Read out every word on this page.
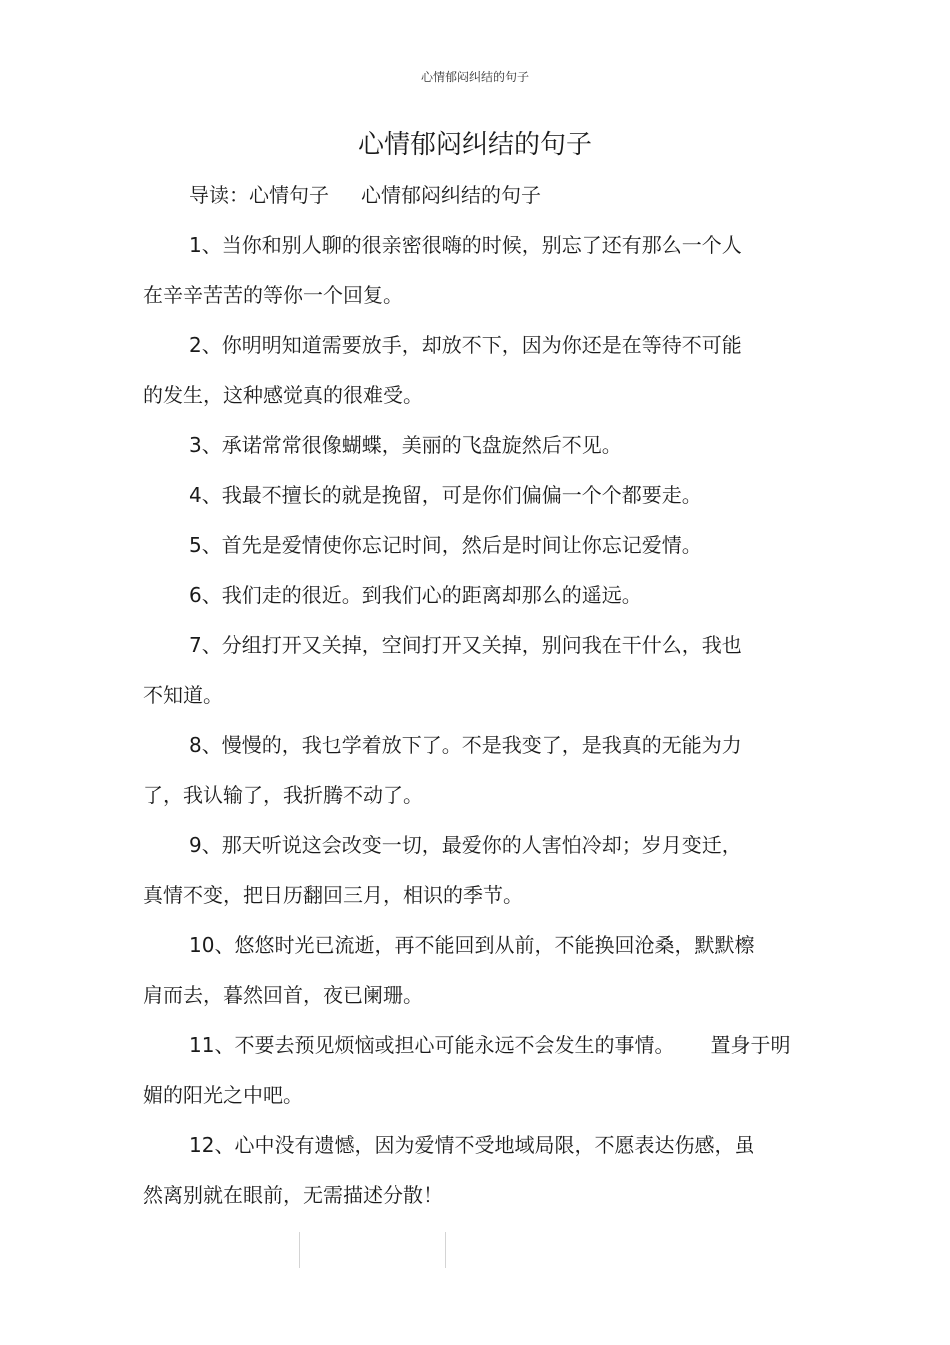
心情郁闷纠结的句子
心情郁闷纠结的句子
导读：心情句子 心情郁闷纠结的句子
1、当你和别人聊的很亲密很嗨的时候，别忘了还有那么一个人
在辛辛苦苦的等你一个回复。
2、你明明知道需要放手，却放不下，因为你还是在等待不可能
的发生，这种感觉真的很难受。
3、承诺常常很像蝴蝶，美丽的飞盘旋然后不见。
4、我最不擅长的就是挽留，可是你们偏偏一个个都要走。
5、首先是爱情使你忘记时间，然后是时间让你忘记爱情。
6、我们走的很近。到我们心的距离却那么的遥远。
7、分组打开又关掉，空间打开又关掉，别问我在干什么，我也
不知道。
8、慢慢的，我乜学着放下了。不是我变了，是我真的无能为力
了，我认输了，我折腾不动了。
9、那天听说这会改变一切，最爱你的人害怕冷却；岁月变迁，
真情不变，把日历翻回三月，相识的季节。
10、悠悠时光已流逝，再不能回到从前，不能换回沧桑，默默檫
肩而去，暮然回首，夜已阑珊。
11、不要去预见烦恼或担心可能永远不会发生的事情。 置身于明
媚的阳光之中吧。
12、心中没有遗憾，因为爱情不受地域局限，不愿表达伤感，虽
然离别就在眼前，无需描述分散！
